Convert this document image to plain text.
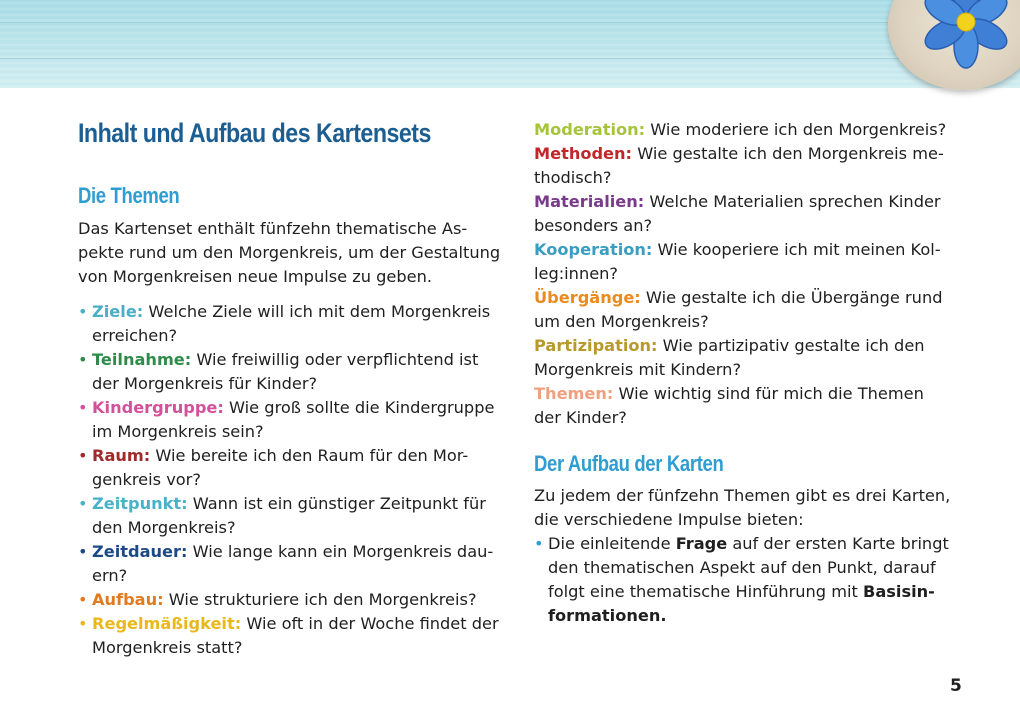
Inhalt und Aufbau des Kartensets
Die Themen

Das Kartenset enthält fünfzehn thematische As-
pekte rund um den Morgenkreis, um der Gestaltung
von Morgenkreisen neue Impulse zu geben.

• Ziele: Welche Ziele will ich mit dem Morgenkreis
erreichen?
• Teilnahme: Wie freiwillig oder verpflichtend ist
der Morgenkreis für Kinder?
• Kindergruppe: Wie groß sollte die Kindergruppe
im Morgenkreis sein?
• Raum: Wie bereite ich den Raum für den Mor-
genkreis vor?
• Zeitpunkt: Wann ist ein günstiger Zeitpunkt für
den Morgenkreis?
• Zeitdauer: Wie lange kann ein Morgenkreis dau-
ern?
• Aufbau: Wie strukturiere ich den Morgenkreis?
• Regelmäßigkeit: Wie oft in der Woche findet der
Morgenkreis statt?
Moderation: Wie moderiere ich den Morgenkreis?
Methoden: Wie gestalte ich den Morgenkreis me-
thodisch?
Materialien: Welche Materialien sprechen Kinder
besonders an?
Kooperation: Wie kooperiere ich mit meinen Kol-
leg:innen?
Übergänge: Wie gestalte ich die Übergänge rund
um den Morgenkreis?
Partizipation: Wie partizipativ gestalte ich den
Morgenkreis mit Kindern?
Themen: Wie wichtig sind für mich die Themen
der Kinder?
Der Aufbau der Karten

Zu jedem der fünfzehn Themen gibt es drei Karten,
die verschiedene Impulse bieten:

• Die einleitende Frage auf der ersten Karte bringt
den thematischen Aspekt auf den Punkt, darauf
folgt eine thematische Hinführung mit Basisin-
formationen.
5
